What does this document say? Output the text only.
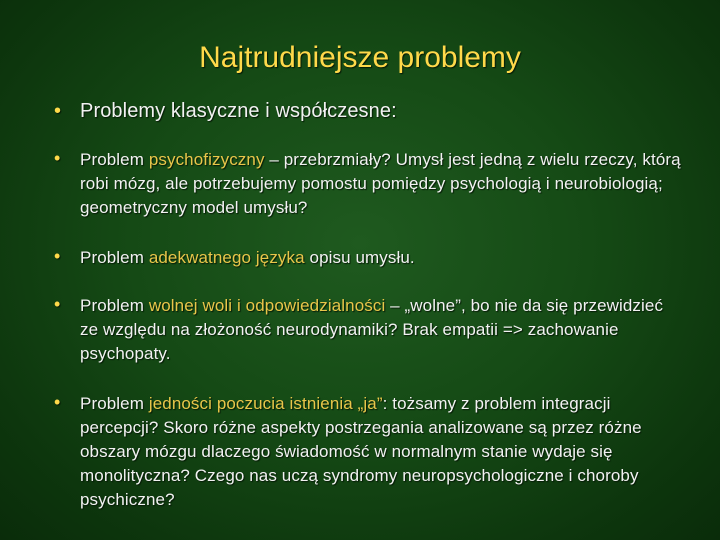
Najtrudniejsze problemy
• Problemy klasyczne i współczesne:
•	Problem psychofizyczny – przebrzmiały? Umysł jest jedną z wielu rzeczy, którą robi mózg, ale potrzebujemy pomostu pomiędzy psychologią i neurobiologią; geometryczny model umysłu?
•	Problem adekwatnego języka opisu umysłu.
•	Problem wolnej woli i odpowiedzialności – „wolne”, bo nie da się przewidzieć ze względu na złożoność neurodynamiki? Brak empatii => zachowanie psychopaty.
•	Problem jedności poczucia istnienia „ja”: tożsamy z problem integracji percepcji? Skoro różne aspekty postrzegania analizowane są przez różne obszary mózgu dlaczego świadomość w normalnym stanie wydaje się monolityczna? Czego nas uczą syndromy neuropsychologiczne i choroby psychiczne?
